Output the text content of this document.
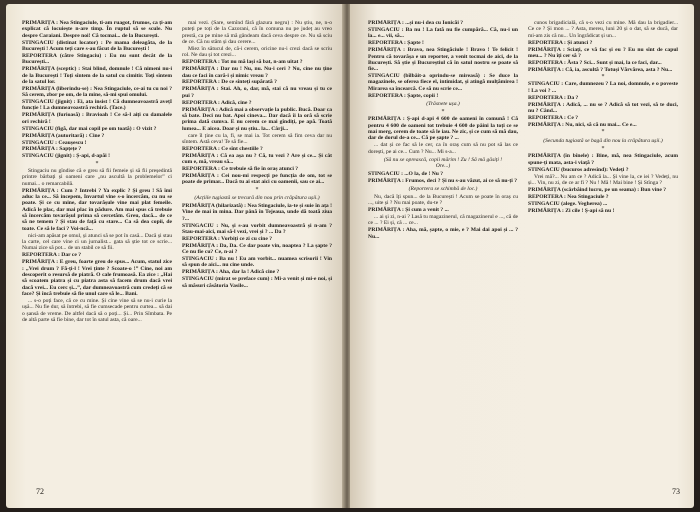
PRIMĂRIȚA : Nea Stingaciule, ti-am ruagot, frumos, ca ți-am explicat că locuiește n-are timp. În ruptul să se scule. Nu despre Caraiani. Despre noi! Că tocmai... de la București.

STINGACIU (distinat locator) : Pe mama deleagăta, de la București ! Acum teți care s-au făcut de la București !

REPORTERA (către Stingaciu) : Eu nu sunt decât de la București...

PRIMĂRIȚA (sceptic) : Stai blind, domnule ! Că nimeni nu-i de la București ! Toți sîntem de la satul cu cimitir. Toți sîntem de la satul lor.

PRIMĂRIȚA (liberindu-se) : Nea Stingaciule, ce-ai tu cu noi ? Să cerem, zbor pe om, de la mine, să-mi spui omului.

STINGACIU (jignit) : Ei, ata insist ! Că dumneavoastră avețI funcție ! La dumneavoastră rechiră. (Tace.)

PRIMĂRIȚA (furioasă) : Bravioah ! Ce să-l aiți cu damalele ori rechiră !

STINGACIU (figă, dar mai copil pe om toată) : O vizit ?

PRIMĂRIȚA (autoritară) : Cine ?

STINGACIU : Ceaușescu !

PRIMĂRIȚA : Sapțețe ?

STINGACIU (jignit) : Ș-api, d-apăi !

*

Stingaciu nu gîndise că e greu să fii femeie și să fii președintă printre bărbați și oameni care „nu ascultă la problemelor” ci numai... o remarcabilă.

PRIMĂRIȚA : Cum ? Intrebi ? Ya explic ? Și greu ! Să îmi aduc la ce... Să incepem, Invartul vine s-o încercăm, cu nu se poate. Și ce cu mine, dar tovarășule vine mai plat femeile. Adică le plac, dar mai plac în pădure. Am mai spus că trebuie să încercăm tovarășul prima să cercetăm. Greu, dacă... de ce să ne temem ? Și stau de față cu stare... Ca să dea copii, de toate. Ce să le faci ? Voi-ncă...

nici-am apăsat pe omul, și atunci să se pot în casă... Dacă și stau la carte, cel care vine ci un jurnalist... gata să știe tot ce scrie... Numai zice să pot... de un stabil ce să fii.

REPORTERA : Dar ce ?

PRIMĂRIȚA : E greu, foarte greu de spus... Acum, statul zice : „Vrei drum ? Fă-ți-l ! Vrei ținte ? Scoate-o !” Cine, noi am descoperit o resursă de piatră. O cale frumoasă. Ea zice : „Hai să scoatem piatra și cu piatra asta să facem drum dacă vrei dacă vrei... Eu cerc și...”, dar dumneavoastră cum credeți că se face? Și încă trebuie să fie unul care să le... Bani.

... s-o poți face, că ce cu mine. Și cine vine să se nu-i curie la ușă... Nu fie dur, să întrebi, să fie cumsecade pentru curtea... să dai o șansă de vreme. De altfel dacă să o poți... Și... Prin Sîmbata. Pe de altă parte să fie bine, dar tot în satul asta, că oare...

mai vezi. (Sare, semînd fără glazura negru) : Nu știu, ne, n-o puteți pe toți de la Cazorani, că în comuna nu pe județ au vreo prestă, ca pe mine să mă gândeam dacă ceva despre ce. Nu să sciu de ce. Că nu stăm și dau cerere...

Miez în sătucul de, că-i cerem, oricine nu-i crezi dacă se scriu rol. Ne dau și tot crezi...

REPORTERA : Tot nu mă lași să bat, n-am uitat ?

PRIMĂRIȚA : Dar nu ! Nu, nu. Nu-i ceri ? Nu, cine nu ține dau ce faci în cară-i și nimic vreau ?

REPORTERA : De ce sînteți supărată ?

PRIMĂRIȚA : Stai. Ah, o, dar, mă, stai că nu vreau și tu ce pui ?

REPORTERA : Adică, cine ?

PRIMĂRIȚA : Adică mai a observație la public. Bucă. Doar ca să bate. Deci nu bat. Apoi cineva... Dar dacă îi la oră să scrie prima dată cumva. E nu cerem ce mai gîndiți, pe apă. Toată lumea... E aicea. Doar și nu știu.. la... Cârji...

care îl ține cu la, fi, se mai ia. Tot cerem să fim ceva dar nu sîntem. Astă ceva! Te să fie...

REPORTERA : Ce sînt chestiile ?

PRIMĂRIȚA : Că ea așa nu ? Că, tu vezi ? Are și ce... Și cât cum e, mă, vreau să...

REPORTERA : Ce trebuie să fie în oraș atunci ?

PRIMĂRIȚA : Cei nou-mi respecți pe funcția de om, tot se poate de primar... Dacă tu ai stat aici cu oamenii, sau ce ai...

*

(Acțiile tugiastă se trecură din nou prin crăpătura ușii.)

PRIMĂRIȚA (hilarizată) : Nea Stingaciule, ia-te și suie în ața ! Vine de mai în mina. Dar până în Tejeaua, unde dă toată ziua ?...

STINGACIU : Nu, și s-au vorbit dumneavoastră și n-am ? Stau-mai-aici, mai să-l vezi, vrei și ? ... Da ?

REPORTERA : Vorbiți ce zi cu cine ?

PRIMĂRIȚA : Da, Da. Ce dar poate vin, noaptea ? La șapte ? Ce nu fie cu? Ce, n-ai ?

STINGACIU : Ba nu ! Eu am vorbit... nuamea scrisorii ! Vin să spun de aici... nu cine unde.

PRIMĂRIȚA : Aha, dar la ! Adică cine ?

STINGACIU (mirat se preface cum) : Mi-a venit și mi-e noi, și să măsuri căsătoria Vasile...

72

PRIMĂRIȚA : ...și nu-i dea cu Ionicăi ?

STINGACIU : Ba nu ! La fată nu fie cumpără... Că, nu-i un la... e... vii, să...

REPORTERA : Șapte !

PRIMĂRIȚA : Bravo, nea Stingăciule ! Bravo ! Te felicit ! Pentru că tovarășa e un reporter, a venit tocmai de aici, de la București. Să știe și Bucureștiul că în satul nostru se poate să fie...

STINGACIU (bîlbâit-a oprindu-se mireasă) : Se duce la magazinele, se oferea fiece el, intimidat, și atingă mulțămirea ! Mirarea sa încearcă. Ce să nu scrie ce...

REPORTERA : Șapte, copii !

(Trăsnete ușa.)

*

PRIMĂRIȚA : Ș-api d-api 4 600 de oameni în comună ! Că pentru 4 600 de oameni tot trebuie 4 600 de pâini la toți ce se mai merg, cerem de toate să le iau. Ne zic, și ce cum să mă dau, dar de dorul de-a ce... Că pe șapte ? ...

... dat și ce fac să le cer, ca în oraș cum să nu pot să las ce dorești, pe ai ce... Cum ? Nu... Mi s-a...

(Să nu se oprească, copii mărim ! Zu ! Să mă găsiți ! Ore...)

STINGACIU : ...O la, de ! Nu ?

PRIMĂRIȚA : Frumos, deci ? Și nu s-au văzut, ai ce să nu-ți ?

(Reportera se schimbă de loc.)

Nu, dacă îți spun... de la București ! Acum se poate în oraș cu ..., uite și ? Nu mai poate, du-te ?

PRIMĂRIȚA : Și cum a venit ? ...

... ai și zi, n-ai ? Lasă tu magazinerul, că magazinerul e ..., că de ce ... ? Ei și, că ... ce...

PRIMĂRIȚA : Aha, mă, șapte, o mie, e ? Mai dai apoi și ... ? Nu...

cunos brigadicială, că s-o vezi cu mine. Mă dau la brigadier... Ce ce ? Și mon ... ? Asta, mereu, luni 20 și o dat, să se ducă, dar mi-am zis că nu... Un îngrădicat și un...

REPORTERA : Și atunci ?

PRIMĂRIȚA : Sciați, ce vă fac și eu ? Eu nu sînt de capul meu... ? Nu îți cer să ?

REPORTERA : Ăsta ? Sci... Sunt și mai, la ce faci, dar...

PRIMĂRIȚA : Că, ia, ascultă ? Totuși Vărvărea, asta ? Nu...

*

STINGACIU : Care, dumnezeu ? La noi, domnule, e o poveste ! La voi ? ...

REPORTERA : Da ?

PRIMĂRIȚA : Adică, ... nu se ? Adică să tot vezi, să te duci, nu ? Când...

REPORTERA : Ce ?

PRIMĂRIȚA : Nu, nici, să că nu mai... Ce e...

*

(Secunda tugiastă se bagă din nou la crăpătura ușii.)

*

PRIMĂRIȚA (în bînele) : Bine, mă, nea Stingaciule, acum spune-ți mata, asta-i viață ?

STINGACIU (bucuros adresînd): Vedeți ?

Vrei mă?... Nu am ce ? Adică la... Și vine la, ce iei ? Vedeți, nu și... Vin, nu zi, de ce ar fi ? Nu ! Mă ! Mai bine ! Și Stînga ?

PRIMĂRIȚA (scârbăind lucru, pe un seama) : Bun vine ?

REPORTERA : Nea Stingaciule ?

STINGACIU (alege. Vegherea) ...

PRIMĂRIȚA : Zi cile ! Ș-api să nu !

73
